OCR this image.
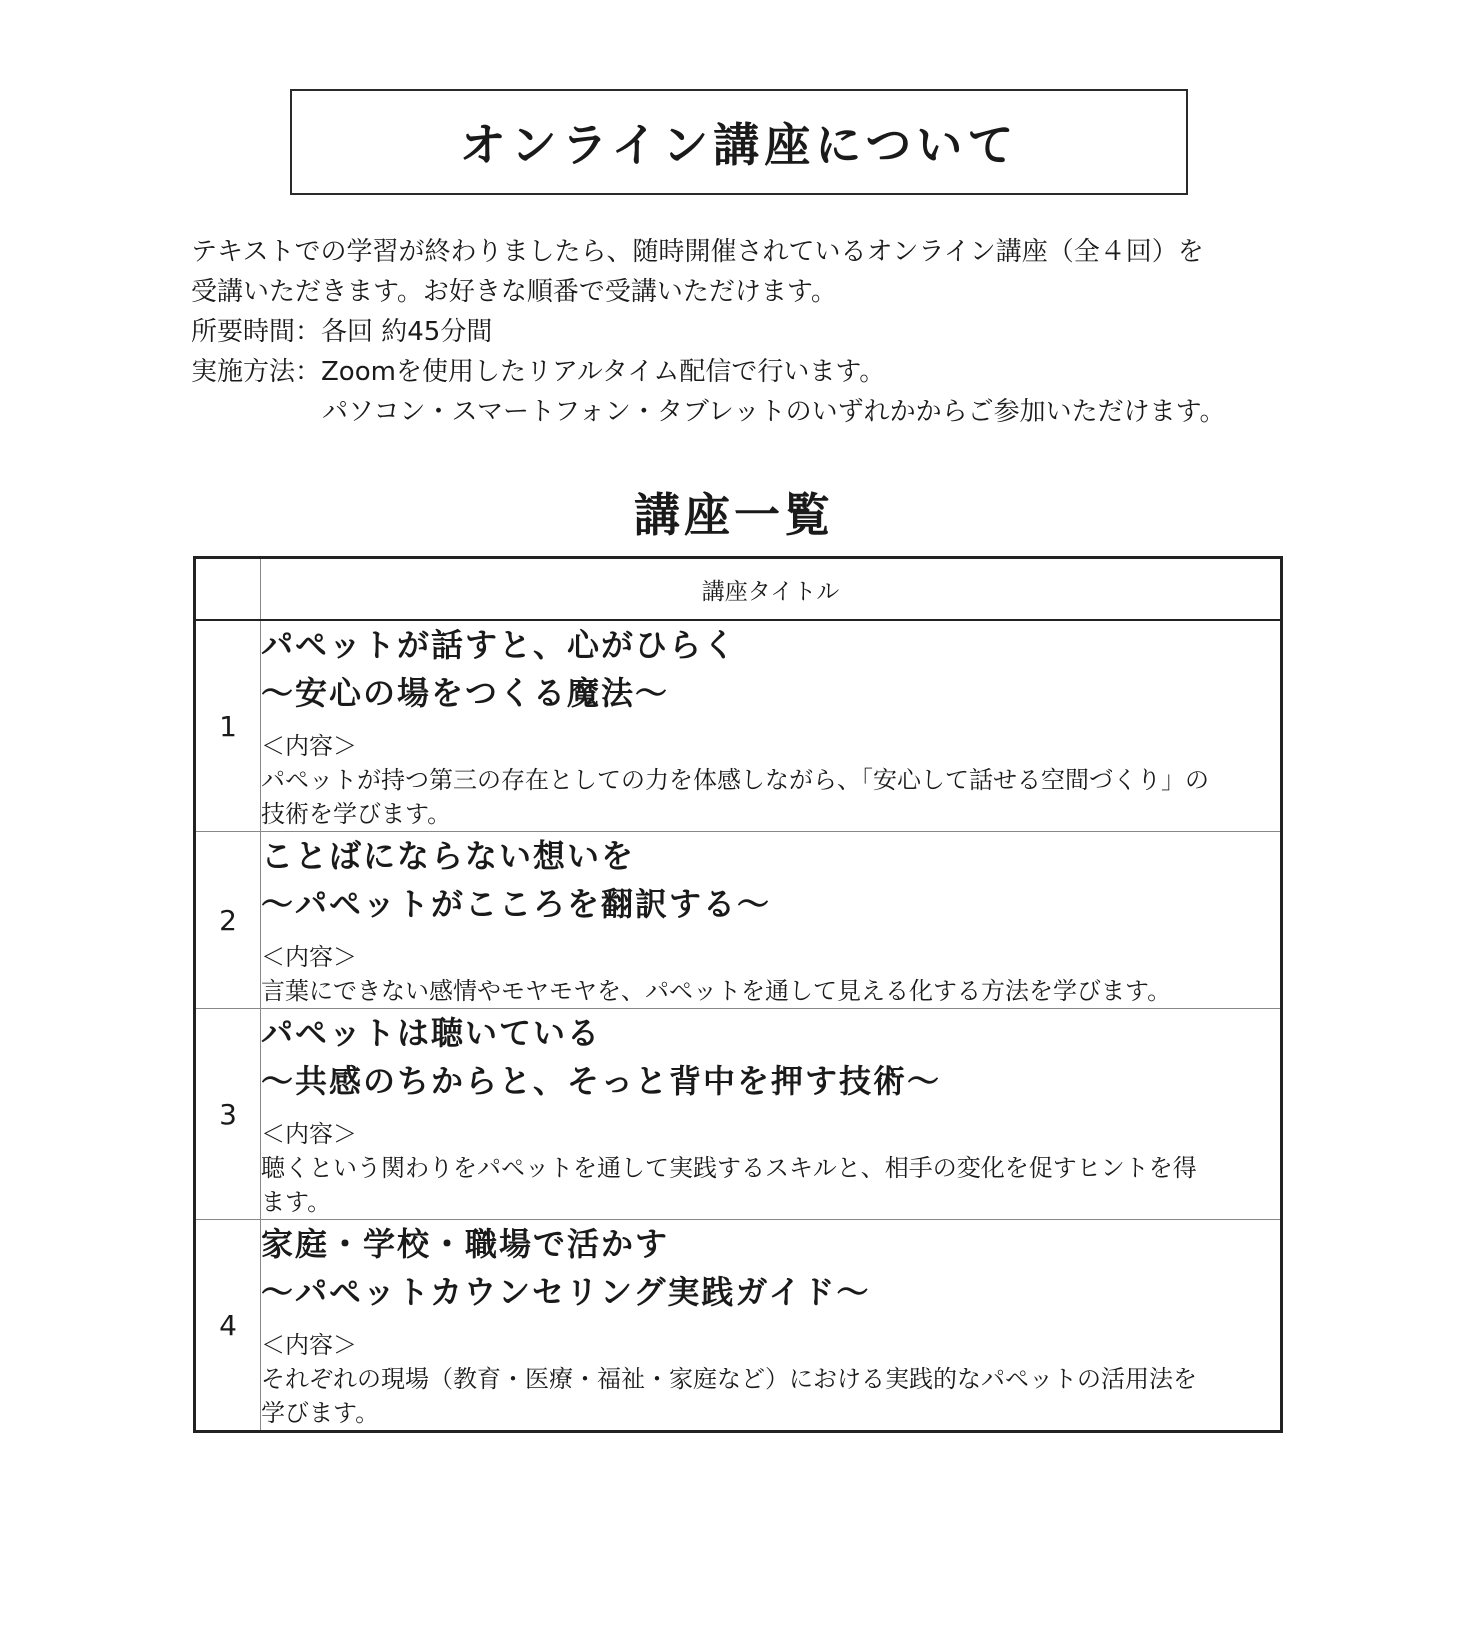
オンライン講座について
テキストでの学習が終わりましたら、随時開催されているオンライン講座（全４回）を
受講いただきます。お好きな順番で受講いただけます。
所要時間：各回 約45分間
実施方法：Zoomを使用したリアルタイム配信で行います。
パソコン・スマートフォン・タブレットのいずれかからご参加いただけます。
講座一覧
	講座タイトル
1	パペットが話すと、心がひらく
～安心の場をつくる魔法～
＜内容＞
パペットが持つ第三の存在としての力を体感しながら、「安心して話せる空間づくり」の
技術を学びます。

2	ことばにならない想いを
～パペットがこころを翻訳する～
＜内容＞
言葉にできない感情やモヤモヤを、パペットを通して見える化する方法を学びます。

3	パペットは聴いている
～共感のちからと、そっと背中を押す技術～
＜内容＞
聴くという関わりをパペットを通して実践するスキルと、相手の変化を促すヒントを得
ます。

4	家庭・学校・職場で活かす
～パペットカウンセリング実践ガイド～
＜内容＞
それぞれの現場（教育・医療・福祉・家庭など）における実践的なパペットの活用法を
学びます。
